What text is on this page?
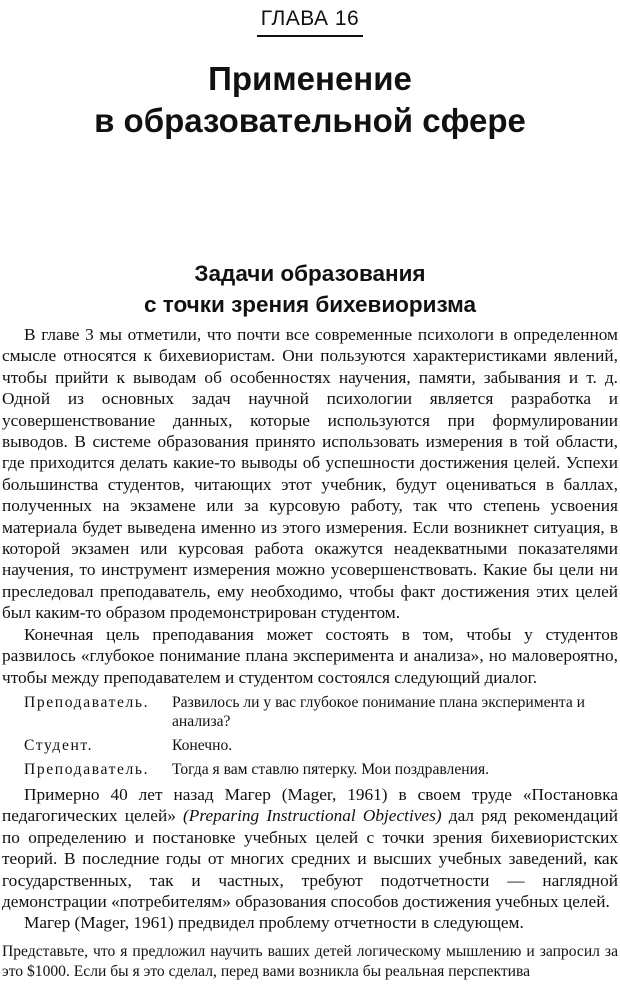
ГЛАВА 16
Применение
в образовательной сфере
Задачи образования
с точки зрения бихевиоризма

В главе 3 мы отметили, что почти все современные психологи в определенном смысле относятся к бихевиористам. Они пользуются характеристиками явлений, чтобы прийти к выводам об особенностях научения, памяти, забывания и т. д. Одной из основных задач научной психологии является разработка и усовершенствование данных, которые используются при формулировании выводов. В системе образования принято использовать измерения в той области, где приходится делать какие-то выводы об успешности достижения целей. Успехи большинства студентов, читающих этот учебник, будут оцениваться в баллах, полученных на экзамене или за курсовую работу, так что степень усвоения материала будет выведена именно из этого измерения. Если возникнет ситуация, в которой экзамен или курсовая работа окажутся неадекватными показателями научения, то инструмент измерения можно усовершенствовать. Какие бы цели ни преследовал преподаватель, ему необходимо, чтобы факт достижения этих целей был каким-то образом продемонстрирован студентом.

Конечная цель преподавания может состоять в том, чтобы у студентов развилось «глубокое понимание плана эксперимента и анализа», но маловероятно, чтобы между преподавателем и студентом состоялся следующий диалог.

Преподаватель.	Развилось ли у вас глубокое понимание плана эксперимента и анализа?
Студент.	Конечно.
Преподаватель.	Тогда я вам ставлю пятерку. Мои поздравления.

Примерно 40 лет назад Магер (Mager, 1961) в своем труде «Постановка педагогических целей» (Preparing Instructional Objectives) дал ряд рекомендаций по определению и постановке учебных целей с точки зрения бихевиористских теорий. В последние годы от многих средних и высших учебных заведений, как государственных, так и частных, требуют подотчетности — наглядной демонстрации «потребителям» образования способов достижения учебных целей.

Магер (Mager, 1961) предвидел проблему отчетности в следующем.

Представьте, что я предложил научить ваших детей логическому мышлению и запросил за это $1000. Если бы я это сделал, перед вами возникла бы реальная перспектива
